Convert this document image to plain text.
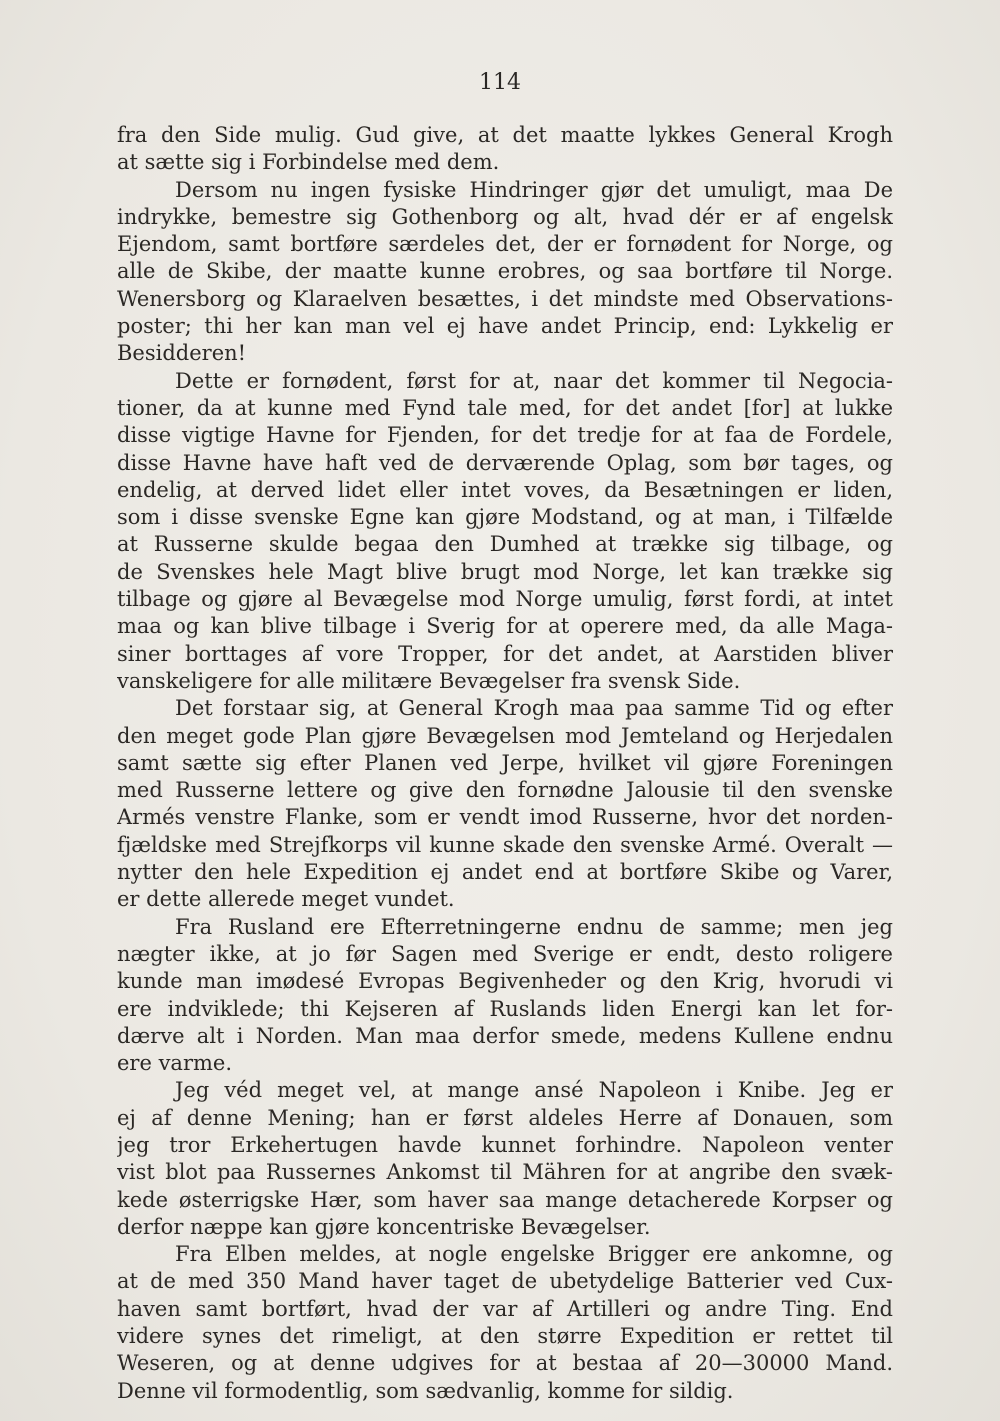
114
fra den Side mulig. Gud give, at det maatte lykkes General Krogh
at sætte sig i Forbindelse med dem.
Dersom nu ingen fysiske Hindringer gjør det umuligt, maa De
indrykke, bemestre sig Gothenborg og alt, hvad dér er af engelsk
Ejendom, samt bortføre særdeles det, der er fornødent for Norge, og
alle de Skibe, der maatte kunne erobres, og saa bortføre til Norge.
Wenersborg og Klaraelven besættes, i det mindste med Observations-
poster; thi her kan man vel ej have andet Princip, end: Lykkelig er
Besidderen!
Dette er fornødent, først for at, naar det kommer til Negocia-
tioner, da at kunne med Fynd tale med, for det andet [for] at lukke
disse vigtige Havne for Fjenden, for det tredje for at faa de Fordele,
disse Havne have haft ved de derværende Oplag, som bør tages, og
endelig, at derved lidet eller intet voves, da Besætningen er liden,
som i disse svenske Egne kan gjøre Modstand, og at man, i Tilfælde
at Russerne skulde begaa den Dumhed at trække sig tilbage, og
de Svenskes hele Magt blive brugt mod Norge, let kan trække sig
tilbage og gjøre al Bevægelse mod Norge umulig, først fordi, at intet
maa og kan blive tilbage i Sverig for at operere med, da alle Maga-
siner borttages af vore Tropper, for det andet, at Aarstiden bliver
vanskeligere for alle militære Bevægelser fra svensk Side.
Det forstaar sig, at General Krogh maa paa samme Tid og efter
den meget gode Plan gjøre Bevægelsen mod Jemteland og Herjedalen
samt sætte sig efter Planen ved Jerpe, hvilket vil gjøre Foreningen
med Russerne lettere og give den fornødne Jalousie til den svenske
Armés venstre Flanke, som er vendt imod Russerne, hvor det norden-
fjældske med Strejfkorps vil kunne skade den svenske Armé. Overalt —
nytter den hele Expedition ej andet end at bortføre Skibe og Varer,
er dette allerede meget vundet.
Fra Rusland ere Efterretningerne endnu de samme; men jeg
nægter ikke, at jo før Sagen med Sverige er endt, desto roligere
kunde man imødesé Evropas Begivenheder og den Krig, hvorudi vi
ere indviklede; thi Kejseren af Ruslands liden Energi kan let for-
dærve alt i Norden. Man maa derfor smede, medens Kullene endnu
ere varme.
Jeg véd meget vel, at mange ansé Napoleon i Knibe. Jeg er
ej af denne Mening; han er først aldeles Herre af Donauen, som
jeg tror Erkehertugen havde kunnet forhindre. Napoleon venter
vist blot paa Russernes Ankomst til Mähren for at angribe den svæk-
kede østerrigske Hær, som haver saa mange detacherede Korpser og
derfor næppe kan gjøre koncentriske Bevægelser.
Fra Elben meldes, at nogle engelske Brigger ere ankomne, og
at de med 350 Mand haver taget de ubetydelige Batterier ved Cux-
haven samt bortført, hvad der var af Artilleri og andre Ting. End
videre synes det rimeligt, at den større Expedition er rettet til
Weseren, og at denne udgives for at bestaa af 20—30000 Mand.
Denne vil formodentlig, som sædvanlig, komme for sildig.
